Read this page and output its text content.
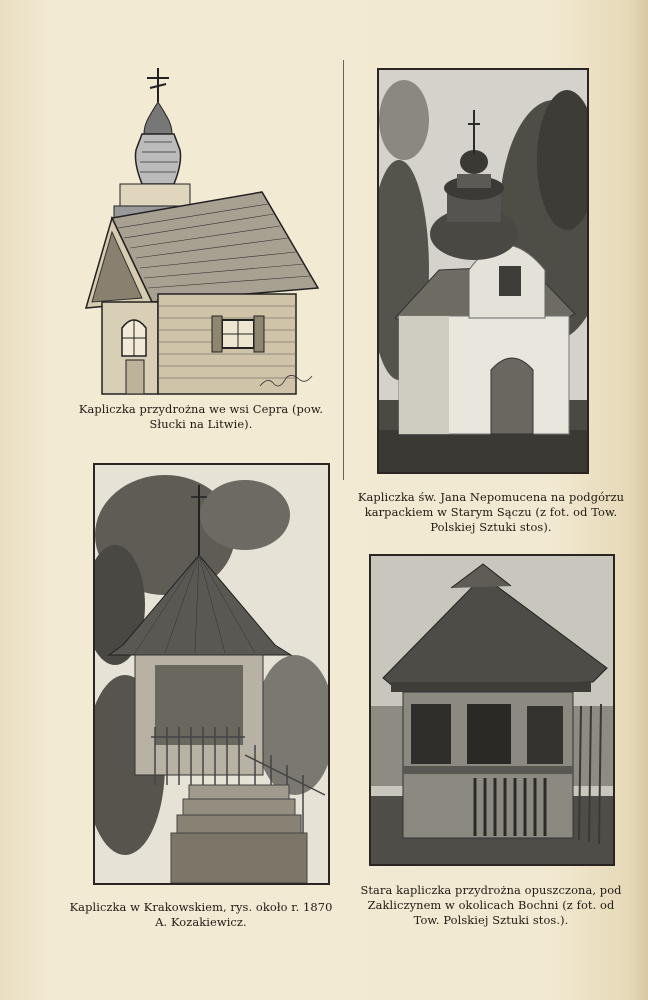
Kapliczka przydrożna we wsi Cepra (pow.
Słucki na Litwie).
Kapliczka św. Jana Nepomucena na podgórzu
karpackiem w Starym Sączu (z fot. od Tow.
Polskiej Sztuki stos).
Kapliczka w Krakowskiem, rys. około r. 1870
A. Kozakiewicz.
Stara kapliczka przydrożna opuszczona, pod
Zakliczynem w okolicach Bochni (z fot. od
Tow. Polskiej Sztuki stos.).
